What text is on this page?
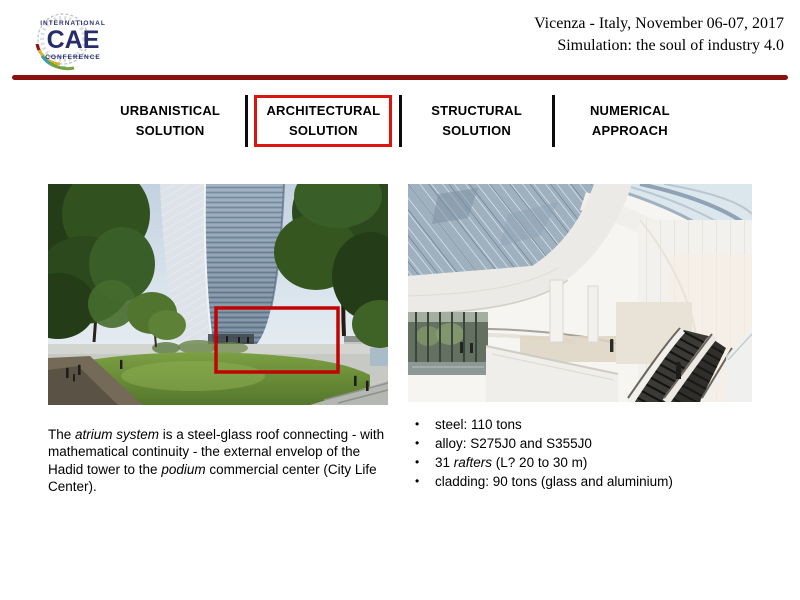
INTERNATIONAL
CAE
CONFERENCE
Vicenza - Italy, November 06-07, 2017
Simulation: the soul of industry 4.0
URBANISTICAL
SOLUTION
ARCHITECTURAL
SOLUTION
STRUCTURAL
SOLUTION
NUMERICAL
APPROACH

The atrium system is a steel-glass roof connecting - with mathematical continuity - the external envelop of the Hadid tower to the podium commercial center (City Life Center).

•	steel: 110 tons
•	alloy: S275J0 and S355J0
•	31 rafters (L? 20 to 30 m)
•	cladding: 90 tons (glass and aluminium)
